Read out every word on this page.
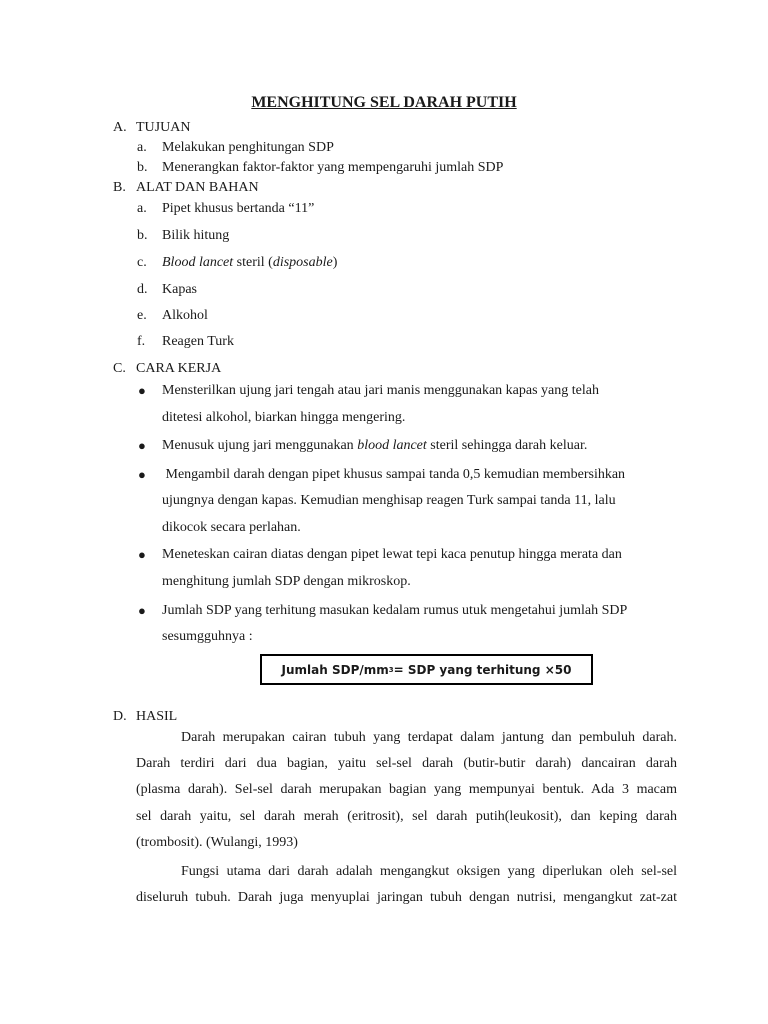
MENGHITUNG SEL DARAH PUTIH
A. TUJUAN
a. Melakukan penghitungan SDP
b. Menerangkan faktor-faktor yang mempengaruhi jumlah SDP
B. ALAT DAN BAHAN
a. Pipet khusus bertanda “11”
b. Bilik hitung
c. Blood lancet steril (disposable)
d. Kapas
e. Alkohol
f. Reagen Turk
C. CARA KERJA
● Mensterilkan ujung jari tengah atau jari manis menggunakan kapas yang telah
ditetesi alkohol, biarkan hingga mengering.
● Menusuk ujung jari menggunakan blood lancet steril sehingga darah keluar.
● Mengambil darah dengan pipet khusus sampai tanda 0,5 kemudian membersihkan
ujungnya dengan kapas. Kemudian menghisap reagen Turk sampai tanda 11, lalu
dikocok secara perlahan.
● Meneteskan cairan diatas dengan pipet lewat tepi kaca penutup hingga merata dan
menghitung jumlah SDP dengan mikroskop.
● Jumlah SDP yang terhitung masukan kedalam rumus utuk mengetahui jumlah SDP
sesumgguhnya :
Jumlah SDP/mm 3 = SDP yang terhitung ×50
D. HASIL
Darah merupakan cairan tubuh yang terdapat dalam jantung dan pembuluh darah.
Darah terdiri dari dua bagian, yaitu sel-sel darah (butir-butir darah) dancairan darah
(plasma darah). Sel-sel darah merupakan bagian yang mempunyai bentuk. Ada 3 macam
sel darah yaitu, sel darah merah (eritrosit), sel darah putih(leukosit), dan keping darah
(trombosit). (Wulangi, 1993)
Fungsi utama dari darah adalah mengangkut oksigen yang diperlukan oleh sel-sel
diseluruh tubuh. Darah juga menyuplai jaringan tubuh dengan nutrisi, mengangkut zat-zat
